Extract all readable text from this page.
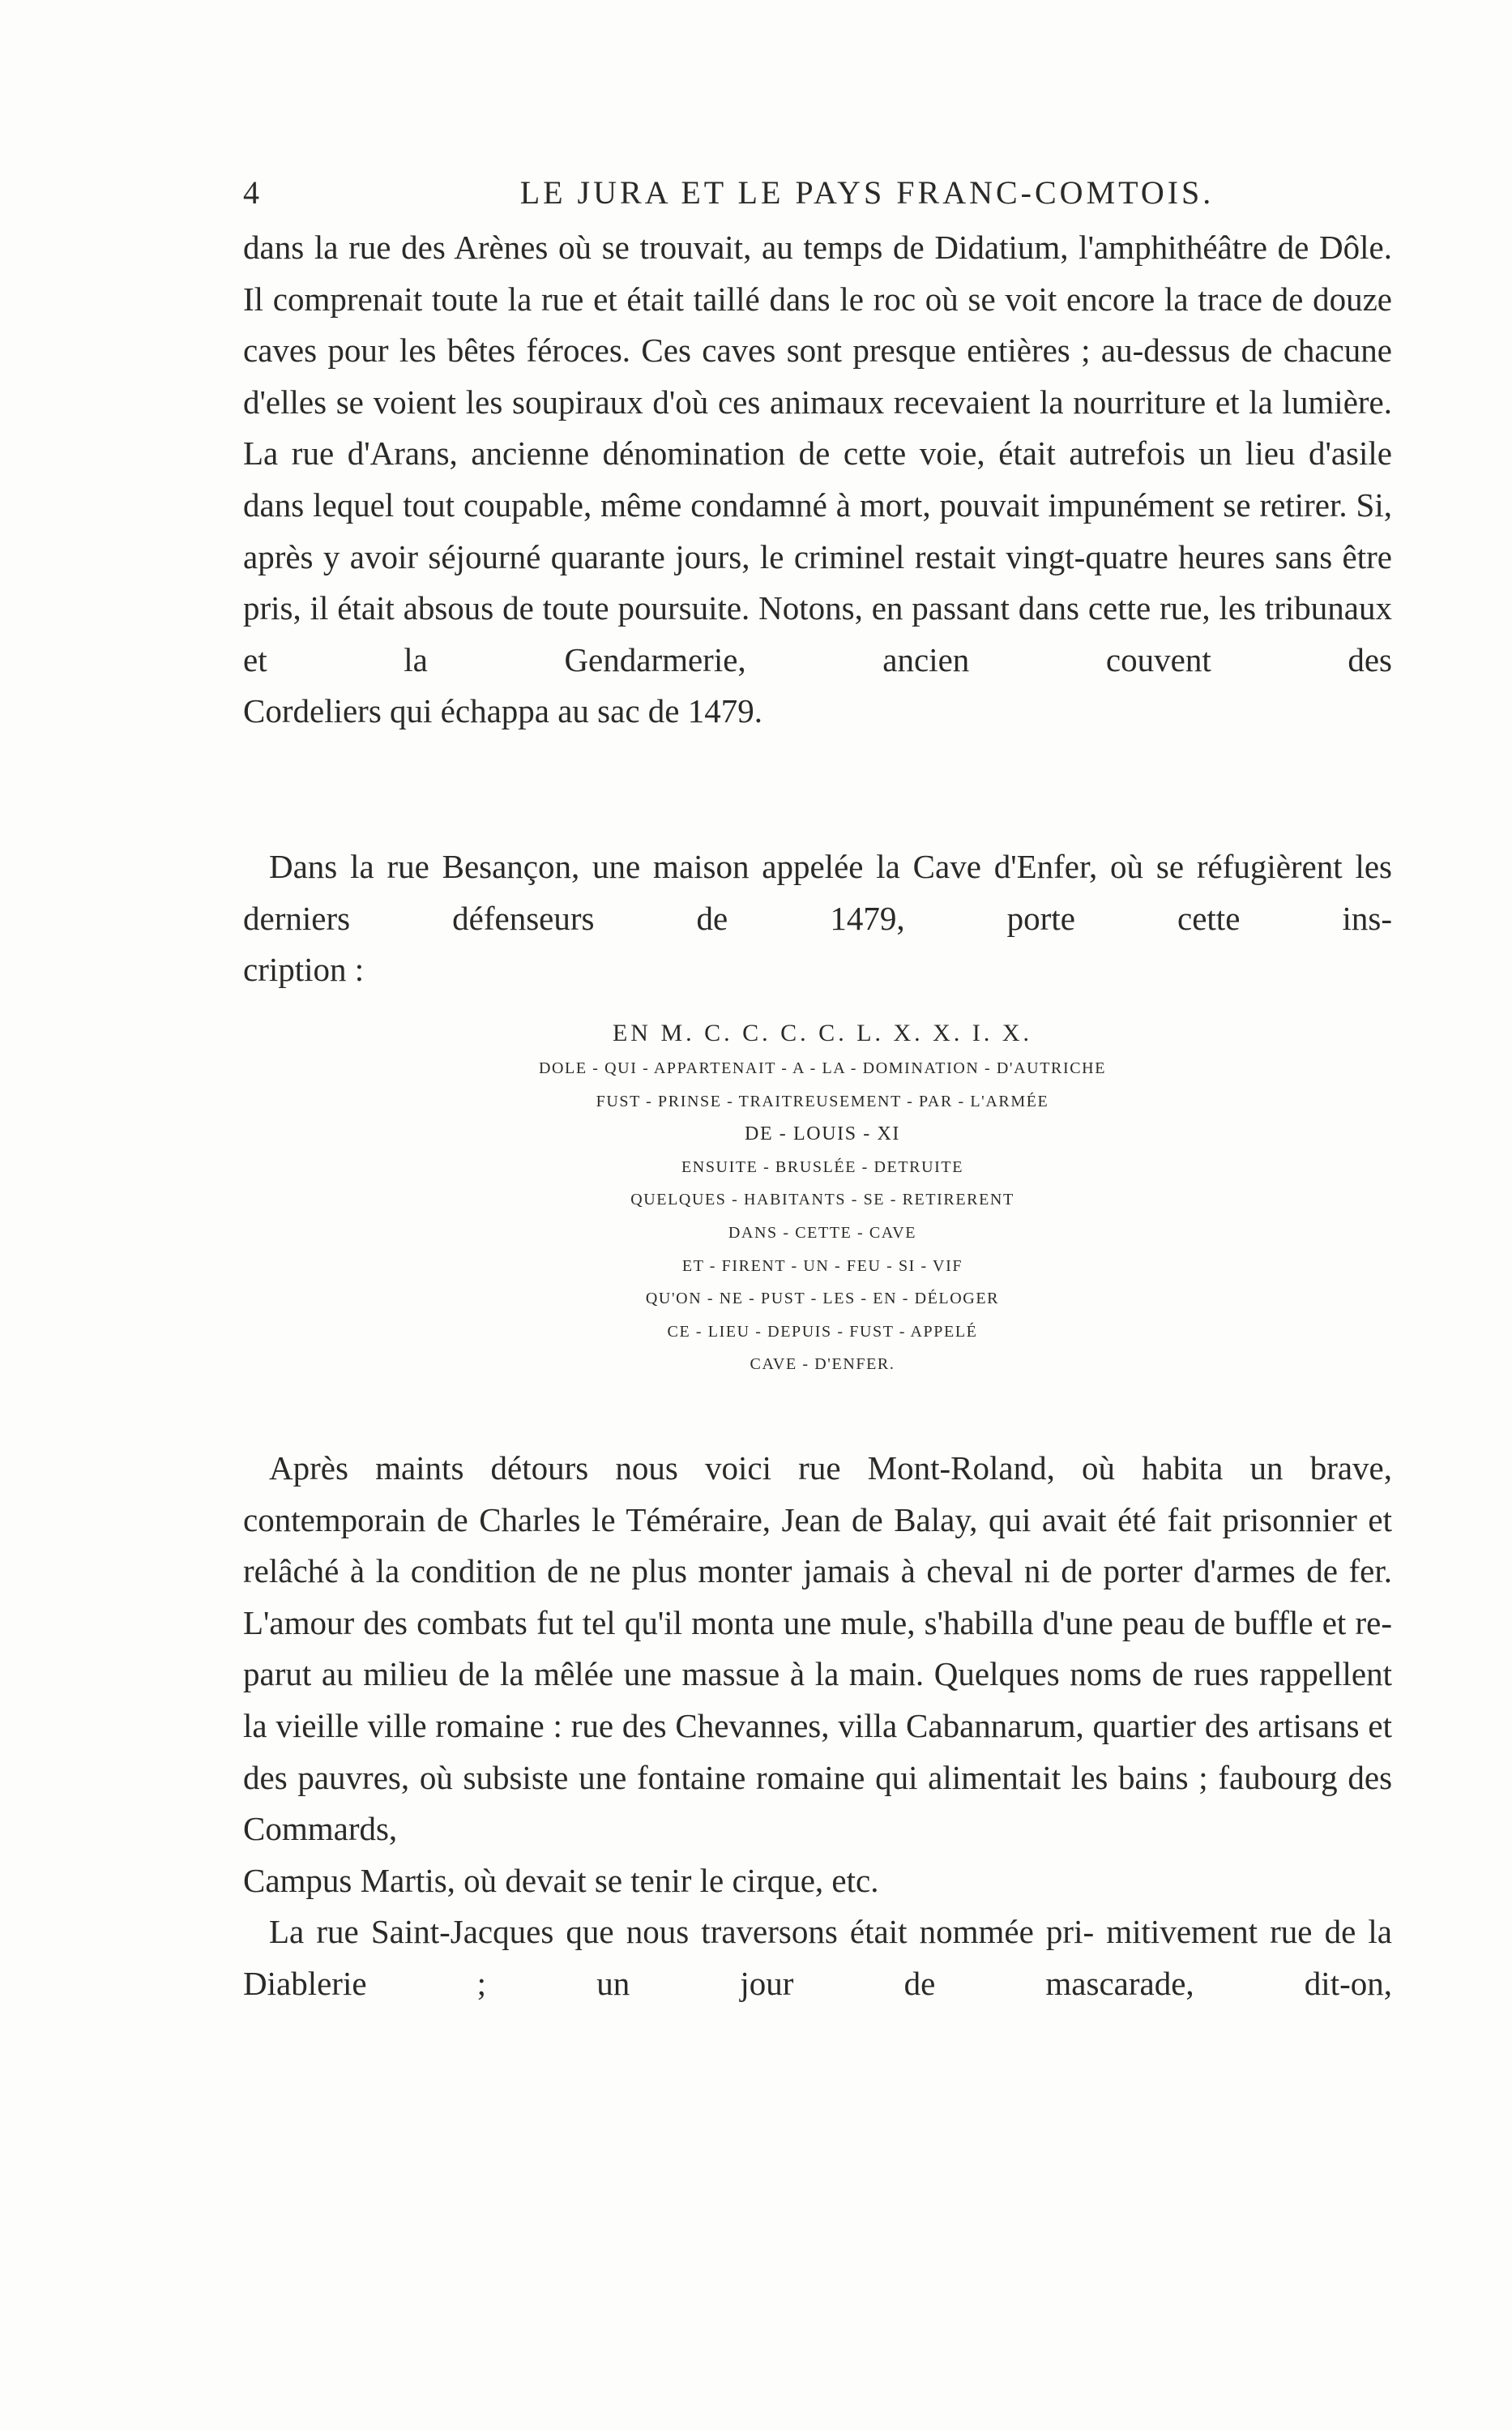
4	LE JURA ET LE PAYS FRANC-COMTOIS.

dans la rue des Arènes où se trouvait, au temps de Didatium, l'amphithéâtre de Dôle. Il comprenait toute la rue et était taillé dans le roc où se voit encore la trace de douze caves pour les bêtes féroces. Ces caves sont presque entières ; au-dessus de chacune d'elles se voient les soupiraux d'où ces animaux recevaient la nourriture et la lumière. La rue d'Arans, ancienne dénomination de cette voie, était autrefois un lieu d'asile dans lequel tout coupable, même condamné à mort, pouvait impunément se retirer. Si, après y avoir séjourné quarante jours, le criminel restait vingt-quatre heures sans être pris, il était absous de toute poursuite. Notons, en passant dans cette rue, les tribunaux et la Gendarmerie, ancien couvent des

Cordeliers qui échappa au sac de 1479.

Dans la rue Besançon, une maison appelée la Cave d'Enfer, où se réfugièrent les derniers défenseurs de 1479, porte cette ins-

cription :

EN M. C. C. C. C. L. X. X. I. X.
DOLE - QUI - APPARTENAIT - A - LA - DOMINATION - D'AUTRICHE
FUST - PRINSE - TRAITREUSEMENT - PAR - L'ARMÉE
DE - LOUIS - XI
ENSUITE - BRUSLÉE - DETRUITE
QUELQUES - HABITANTS - SE - RETIRERENT
DANS - CETTE - CAVE
ET - FIRENT - UN - FEU - SI - VIF
QU'ON - NE - PUST - LES - EN - DÉLOGER
CE - LIEU - DEPUIS - FUST - APPELÉ
CAVE - D'ENFER.

Après maints détours nous voici rue Mont-Roland, où habita un brave, contemporain de Charles le Téméraire, Jean de Balay, qui avait été fait prisonnier et relâché à la condition de ne plus monter jamais à cheval ni de porter d'armes de fer. L'amour des combats fut tel qu'il monta une mule, s'habilla d'une peau de buffle et re- parut au milieu de la mêlée une massue à la main. Quelques noms de rues rappellent la vieille ville romaine : rue des Chevannes, villa Cabannarum, quartier des artisans et des pauvres, où subsiste une fontaine romaine qui alimentait les bains ; faubourg des Commards,

Campus Martis, où devait se tenir le cirque, etc.

La rue Saint-Jacques que nous traversons était nommée pri- mitivement rue de la Diablerie ; un jour de mascarade, dit-on,
